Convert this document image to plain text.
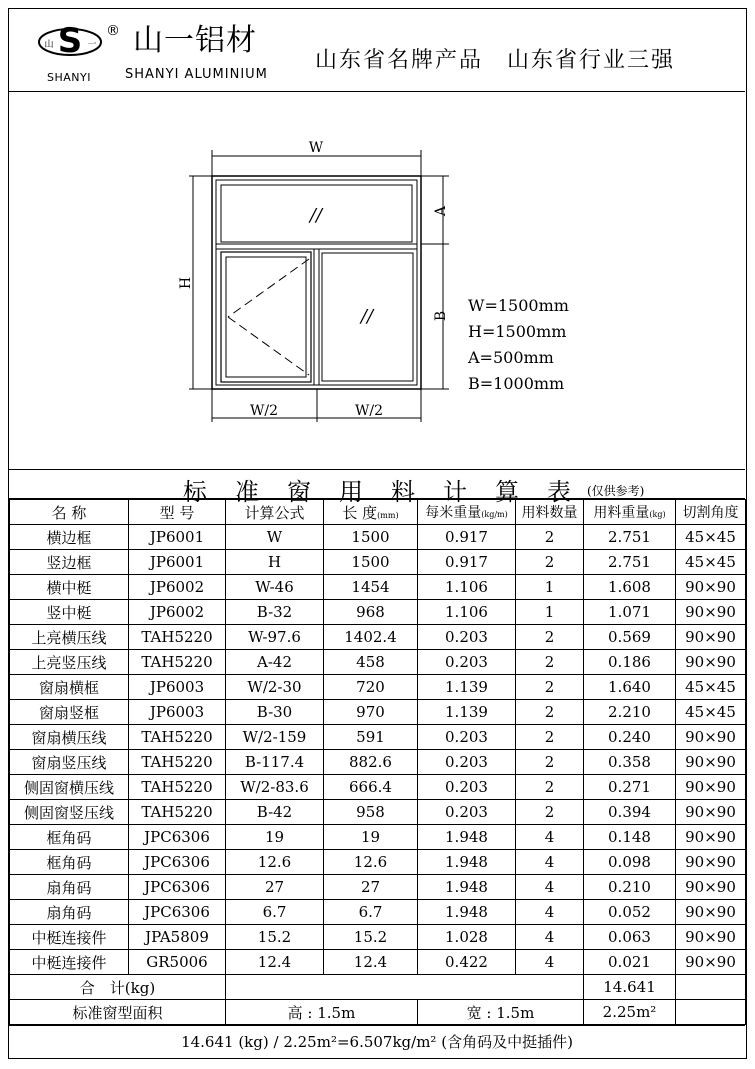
S
山	一
®
SHANYI
山一铝材
SHANYI ALUMINIUM
山东省名牌产品　山东省行业三强
W
H
A
B
W/2	W/2
//
//
W=1500mm
H=1500mm
A=500mm
B=1000mm
标准窗用料计算表
(仅供参考)
名 称	型 号	计算公式	长 度(mm)	每米重量(kg/m)	用料数量	用料重量(kg)	切割角度
横边框	JP6001	W	1500	0.917	2	2.751	45×45
竖边框	JP6001	H	1500	0.917	2	2.751	45×45
横中梃	JP6002	W-46	1454	1.106	1	1.608	90×90
竖中梃	JP6002	B-32	968	1.106	1	1.071	90×90
上亮横压线	TAH5220	W-97.6	1402.4	0.203	2	0.569	90×90
上亮竖压线	TAH5220	A-42	458	0.203	2	0.186	90×90
窗扇横框	JP6003	W/2-30	720	1.139	2	1.640	45×45
窗扇竖框	JP6003	B-30	970	1.139	2	2.210	45×45
窗扇横压线	TAH5220	W/2-159	591	0.203	2	0.240	90×90
窗扇竖压线	TAH5220	B-117.4	882.6	0.203	2	0.358	90×90
侧固窗横压线	TAH5220	W/2-83.6	666.4	0.203	2	0.271	90×90
侧固窗竖压线	TAH5220	B-42	958	0.203	2	0.394	90×90
框角码	JPC6306	19	19	1.948	4	0.148	90×90
框角码	JPC6306	12.6	12.6	1.948	4	0.098	90×90
扇角码	JPC6306	27	27	1.948	4	0.210	90×90
扇角码	JPC6306	6.7	6.7	1.948	4	0.052	90×90
中梃连接件	JPA5809	15.2	15.2	1.028	4	0.063	90×90
中梃连接件	GR5006	12.4	12.4	0.422	4	0.021	90×90
合　计(kg)						14.641	
标准窗型面积		高 : 1.5m		宽 : 1.5m		2.25m²	
14.641 (kg) / 2.25m²=6.507kg/m² (含角码及中挺插件)
